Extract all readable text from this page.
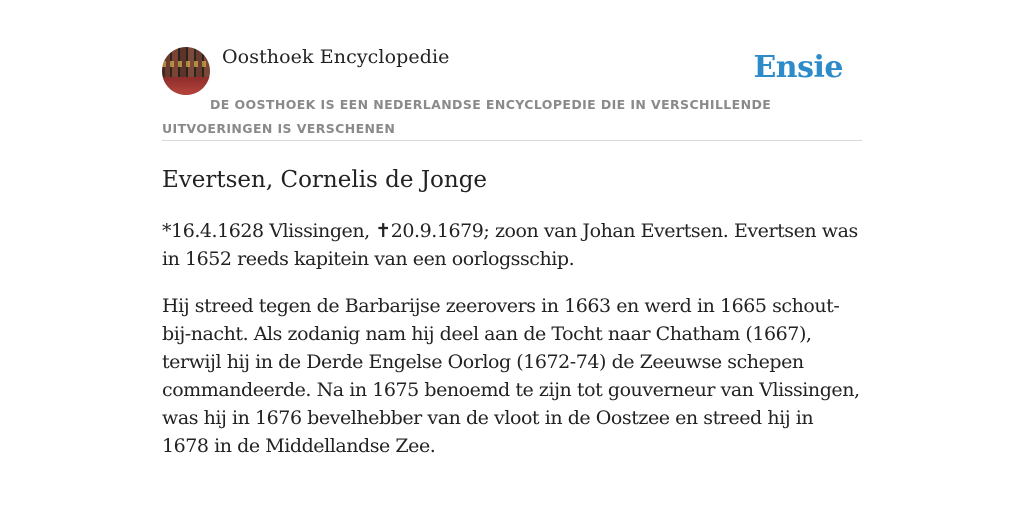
Oosthoek Encyclopedie	Ensie
DE OOSTHOEK IS EEN NEDERLANDSE ENCYCLOPEDIE DIE IN VERSCHILLENDE UITVOERINGEN IS VERSCHENEN
Evertsen, Cornelis de Jonge

*16.4.1628 Vlissingen, ✝20.9.1679; zoon van Johan Evertsen. Evertsen was in 1652 reeds kapitein van een oorlogsschip.

Hij streed tegen de Barbarijse zeerovers in 1663 en werd in 1665 schout-bij-nacht. Als zodanig nam hij deel aan de Tocht naar Chatham (1667), terwijl hij in de Derde Engelse Oorlog (1672-74) de Zeeuwse schepen commandeerde. Na in 1675 benoemd te zijn tot gouverneur van Vlissingen, was hij in 1676 bevelhebber van de vloot in de Oostzee en streed hij in 1678 in de Middellandse Zee.
